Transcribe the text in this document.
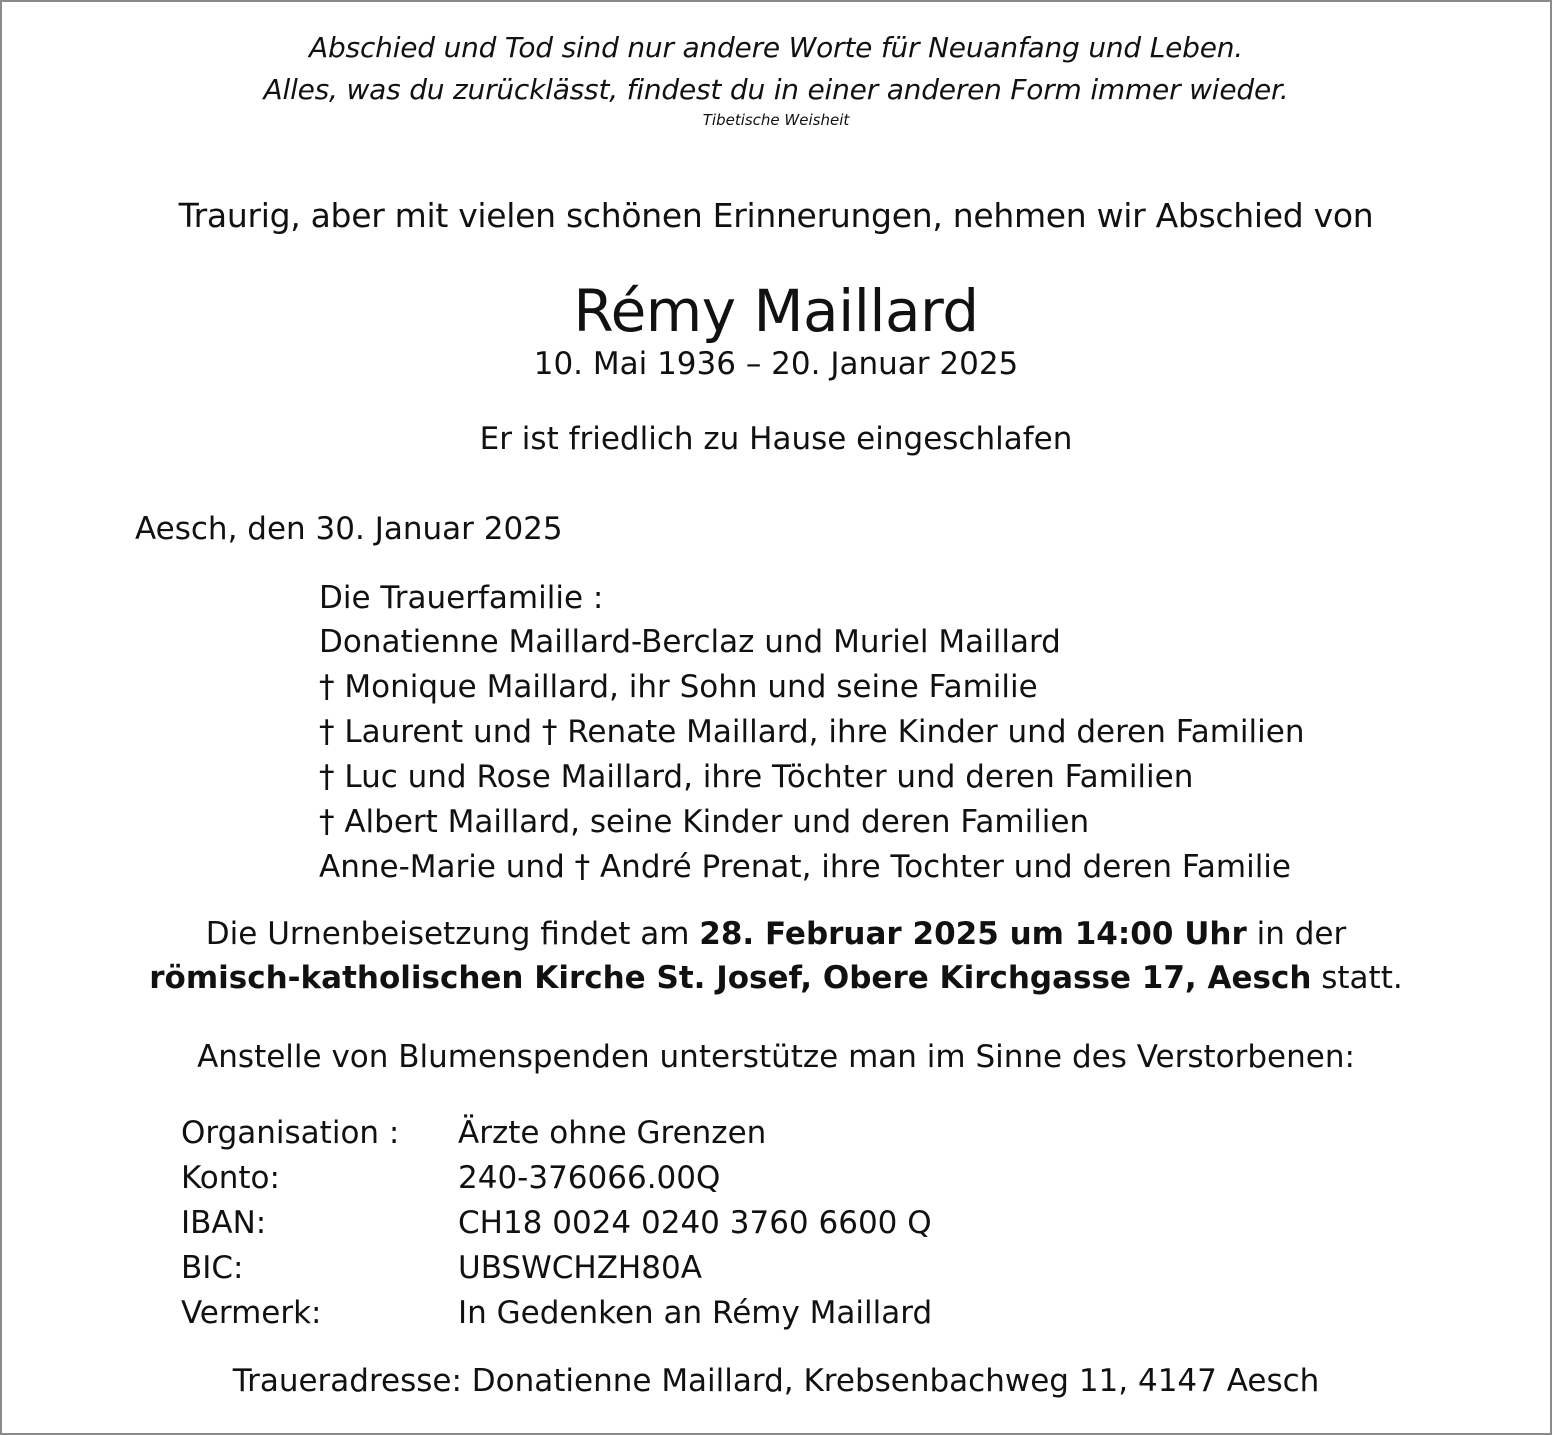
Abschied und Tod sind nur andere Worte für Neuanfang und Leben.
Alles, was du zurücklässt, findest du in einer anderen Form immer wieder.
Tibetische Weisheit
Traurig, aber mit vielen schönen Erinnerungen, nehmen wir Abschied von
Rémy Maillard
10. Mai 1936 – 20. Januar 2025
Er ist friedlich zu Hause eingeschlafen
Aesch, den 30. Januar 2025
Die Trauerfamilie :
Donatienne Maillard-Berclaz und Muriel Maillard
† Monique Maillard, ihr Sohn und seine Familie
† Laurent und † Renate Maillard, ihre Kinder und deren Familien
† Luc und Rose Maillard, ihre Töchter und deren Familien
† Albert Maillard, seine Kinder und deren Familien
Anne-Marie und † André Prenat, ihre Tochter und deren Familie
Die Urnenbeisetzung findet am 28. Februar 2025 um 14:00 Uhr in der
römisch-katholischen Kirche St. Josef, Obere Kirchgasse 17, Aesch statt.
Anstelle von Blumenspenden unterstütze man im Sinne des Verstorbenen:
Organisation : Ärzte ohne Grenzen
Konto:	240-376066.00Q
IBAN:	CH18 0024 0240 3760 6600 Q
BIC:	UBSWCHZH80A
Vermerk:	In Gedenken an Rémy Maillard
Traueradresse: Donatienne Maillard, Krebsenbachweg 11, 4147 Aesch
